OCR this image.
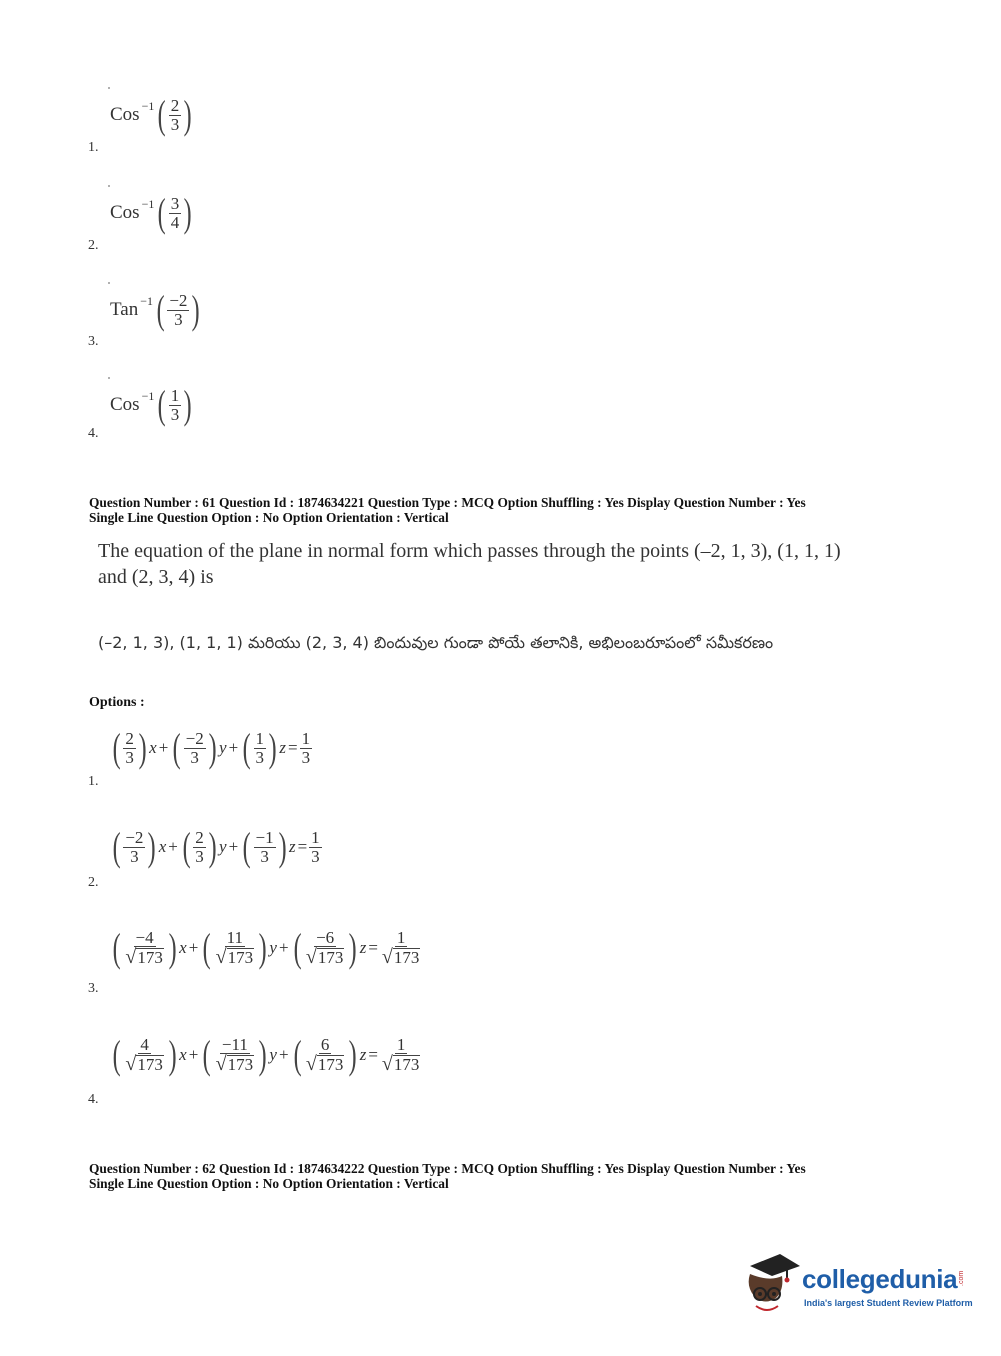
Cos −1 ( $\frac{2}{3}$ )
1.
Cos −1 ( $\frac{3}{4}$ )
2.
Tan −1 ( $\frac{-2}{3}$ )
3.
Cos −1 ( $\frac{1}{3}$ )
4.
Question Number : 61 Question Id : 1874634221 Question Type : MCQ Option Shuffling : Yes Display Question Number : Yes
Single Line Question Option : No Option Orientation : Vertical
The equation of the plane in normal form which passes through the points (–2, 1, 3), (1, 1, 1)
and (2, 3, 4) is
(–2, 1, 3), (1, 1, 1) మరియు (2, 3, 4) బిందువుల గుండా పోయే తలానికి, అభిలంబరూపంలో సమీకరణం
Options :
( $\frac{2}{3}$ ) x + ( $\frac{-2}{3}$ ) y + ( $\frac{1}{3}$ ) $z = \frac{1}{3}$
1.
( $\frac{-2}{3}$ ) x + ( $\frac{2}{3}$ ) y + ( $\frac{-1}{3}$ ) $z = \frac{1}{3}$
2.
( $\frac{-4}{√ 173}$ ) x + ( $\frac{11}{√ 173}$ ) y + ( $\frac{-6}{√ 173}$ ) $z = \frac{1}{√ 173}$
3.
( $\frac{4}{√ 173}$ ) x + ( $\frac{-11}{√ 173}$ ) y + ( $\frac{6}{√ 173}$ ) $z = \frac{1}{√ 173}$
4.
Question Number : 62 Question Id : 1874634222 Question Type : MCQ Option Shuffling : Yes Display Question Number : Yes
Single Line Question Option : No Option Orientation : Vertical
collegedunia .com
India's largest Student Review Platform
